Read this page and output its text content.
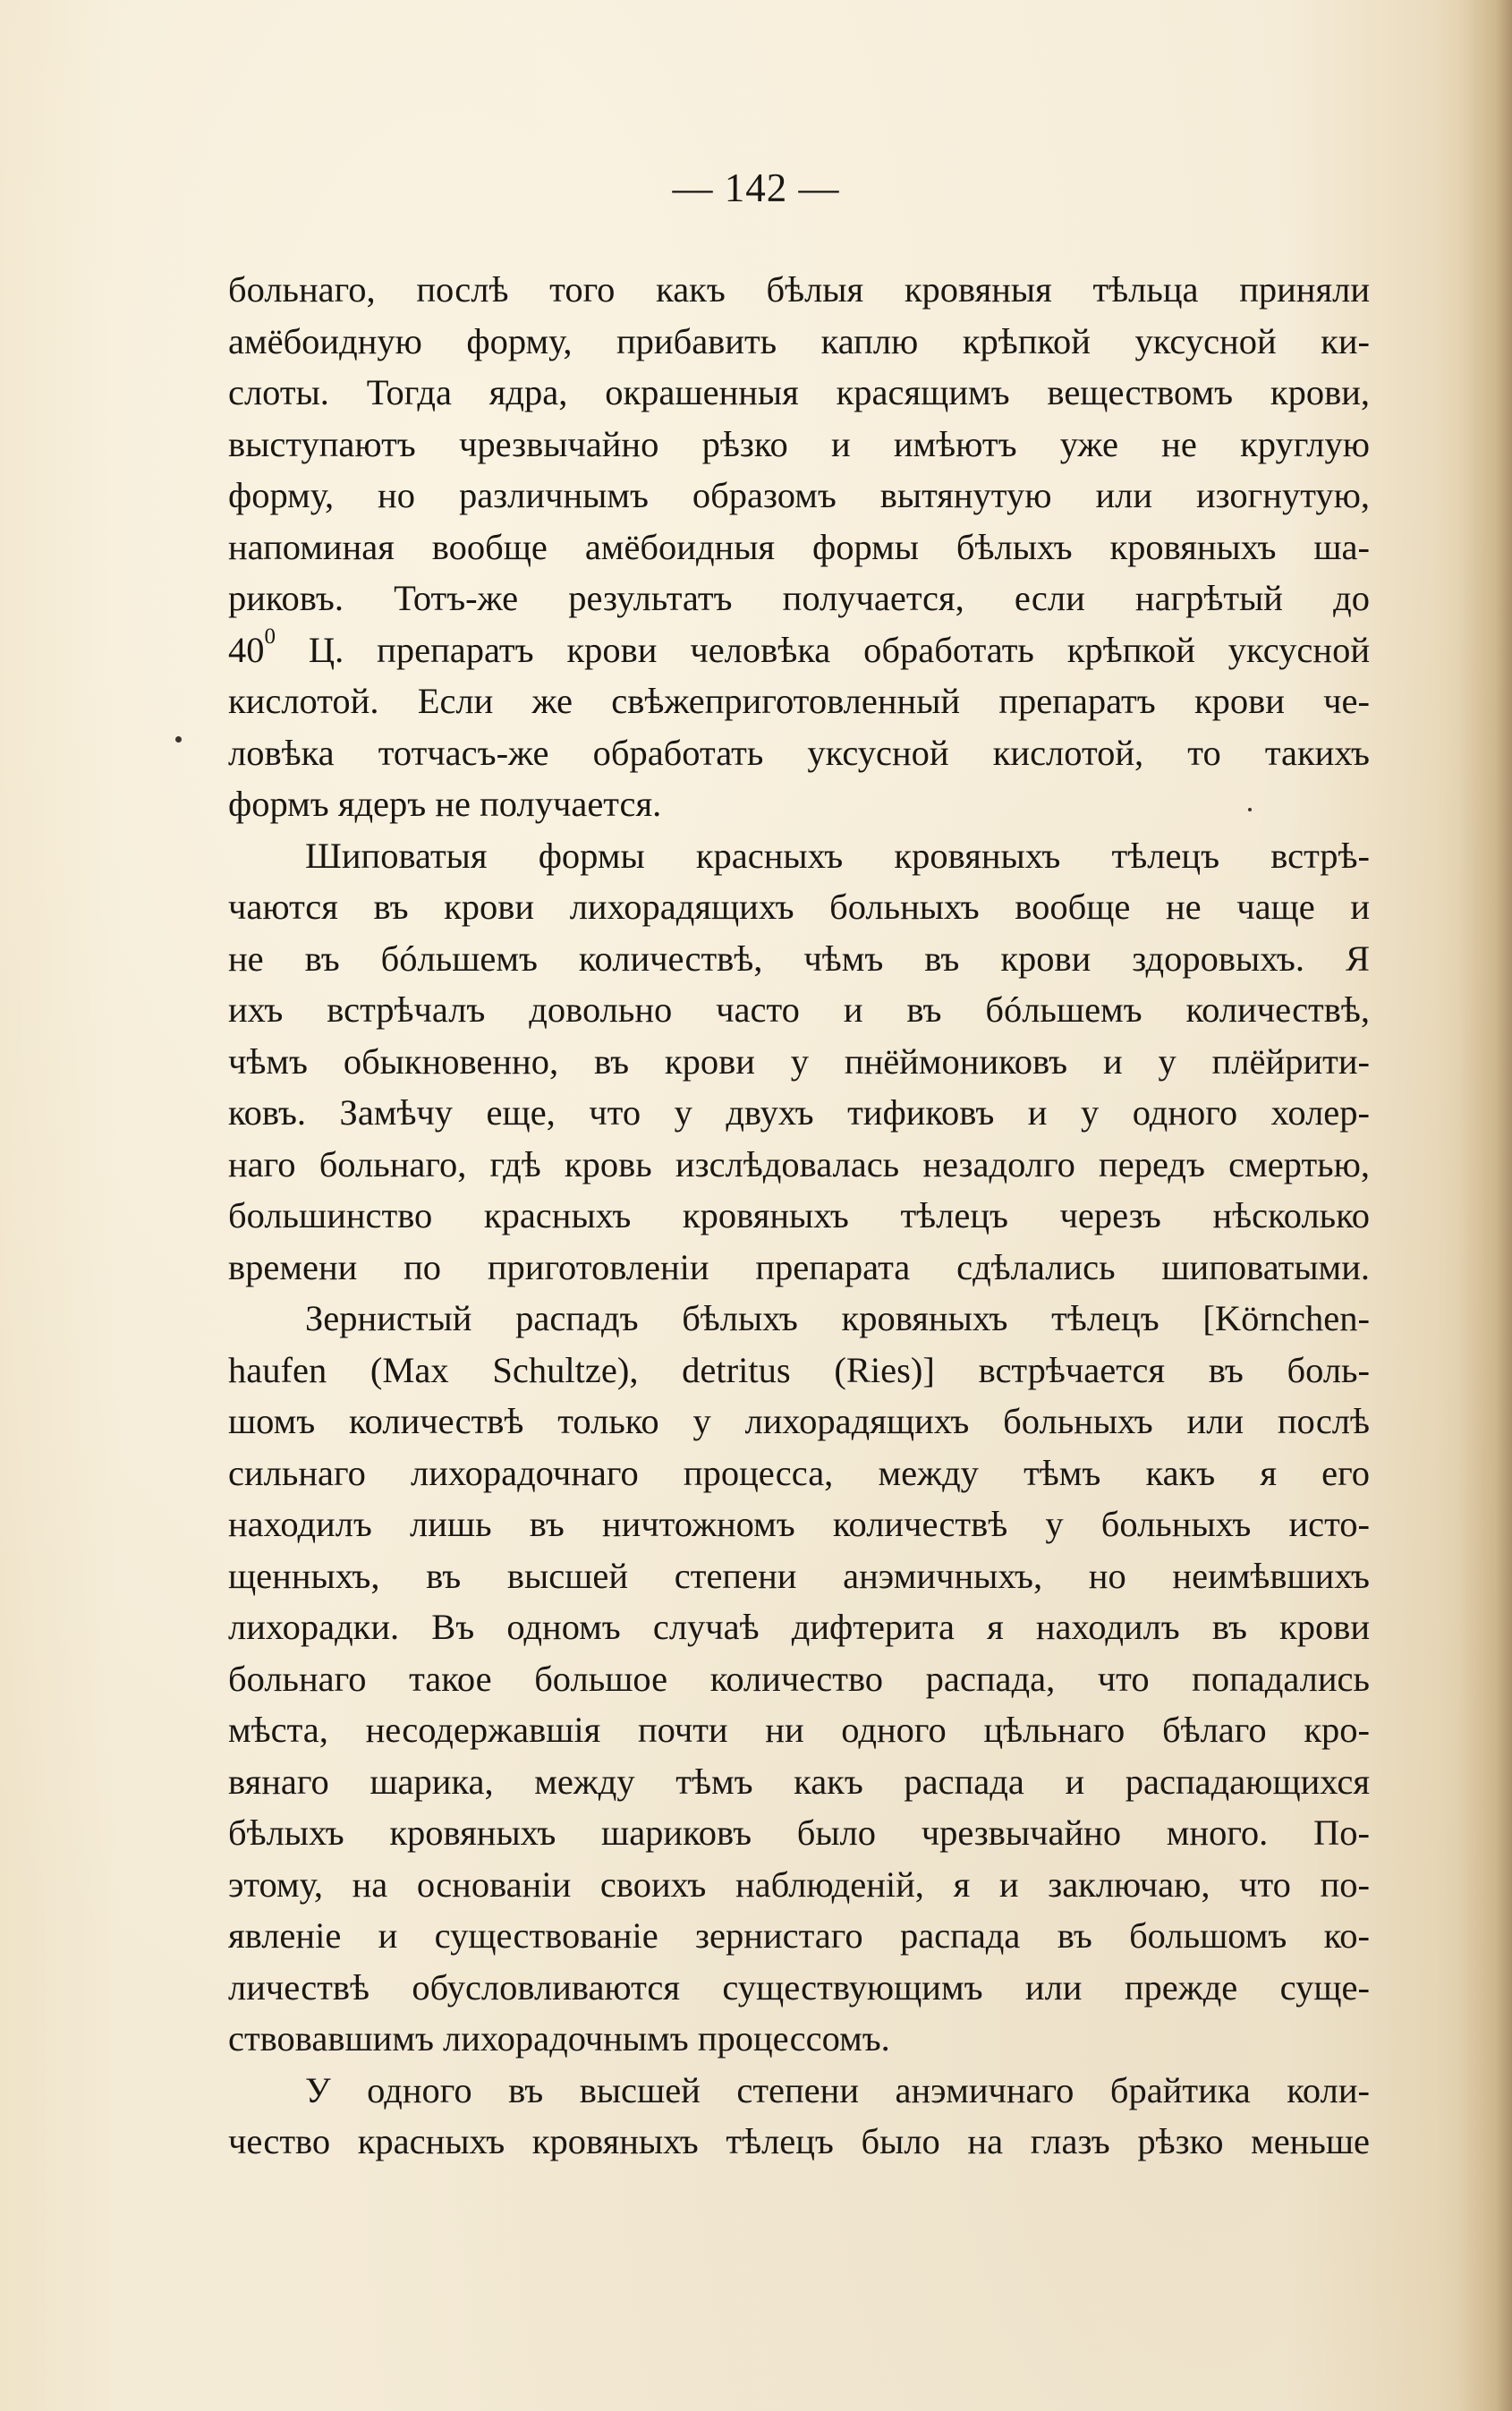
— 142 —
больнаго, послѣ того какъ бѣлыя кровяныя тѣльца приняли
амёбоидную форму, прибавить каплю крѣпкой уксусной ки-
слоты. Тогда ядра, окрашенныя красящимъ веществомъ крови,
выступаютъ чрезвычайно рѣзко и имѣютъ уже не круглую
форму, но различнымъ образомъ вытянутую или изогнутую,
напоминая вообще амёбоидныя формы бѣлыхъ кровяныхъ ша-
риковъ. Тотъ-же результатъ получается, если нагрѣтый до
$40^0$ Ц. препаратъ крови человѣка обработать крѣпкой уксусной
кислотой. Если же свѣжеприготовленный препаратъ крови че-
ловѣка тотчасъ-же обработать уксусной кислотой, то такихъ
формъ ядеръ не получается.
Шиповатыя формы красныхъ кровяныхъ тѣлецъ встрѣ-
чаются въ крови лихорадящихъ больныхъ вообще не чаще и
не въ бóльшемъ количествѣ, чѣмъ въ крови здоровыхъ. Я
ихъ встрѣчалъ довольно часто и въ бóльшемъ количествѣ,
чѣмъ обыкновенно, въ крови у пнёймониковъ и у плёйрити-
ковъ. Замѣчу еще, что у двухъ тификовъ и у одного холер-
наго больнаго, гдѣ кровь изслѣдовалась незадолго передъ смертью,
большинство красныхъ кровяныхъ тѣлецъ черезъ нѣсколько
времени по приготовленіи препарата сдѣлались шиповатыми.
Зернистый распадъ бѣлыхъ кровяныхъ тѣлецъ [Körnchen-
haufen (Max Schultze), detritus (Ries)] встрѣчается въ боль-
шомъ количествѣ только у лихорадящихъ больныхъ или послѣ
сильнаго лихорадочнаго процесса, между тѣмъ какъ я его
находилъ лишь въ ничтожномъ количествѣ у больныхъ исто-
щенныхъ, въ высшей степени анэмичныхъ, но неимѣвшихъ
лихорадки. Въ одномъ случаѣ дифтерита я находилъ въ крови
больнаго такое большое количество распада, что попадались
мѣста, несодержавшія почти ни одного цѣльнаго бѣлаго кро-
вянаго шарика, между тѣмъ какъ распада и распадающихся
бѣлыхъ кровяныхъ шариковъ было чрезвычайно много. По-
этому, на основаніи своихъ наблюденій, я и заключаю, что по-
явленіе и существованіе зернистаго распада въ большомъ ко-
личествѣ обусловливаются существующимъ или прежде суще-
ствовавшимъ лихорадочнымъ процессомъ.
У одного въ высшей степени анэмичнаго брайтика коли-
чество красныхъ кровяныхъ тѣлецъ было на глазъ рѣзко меньше
